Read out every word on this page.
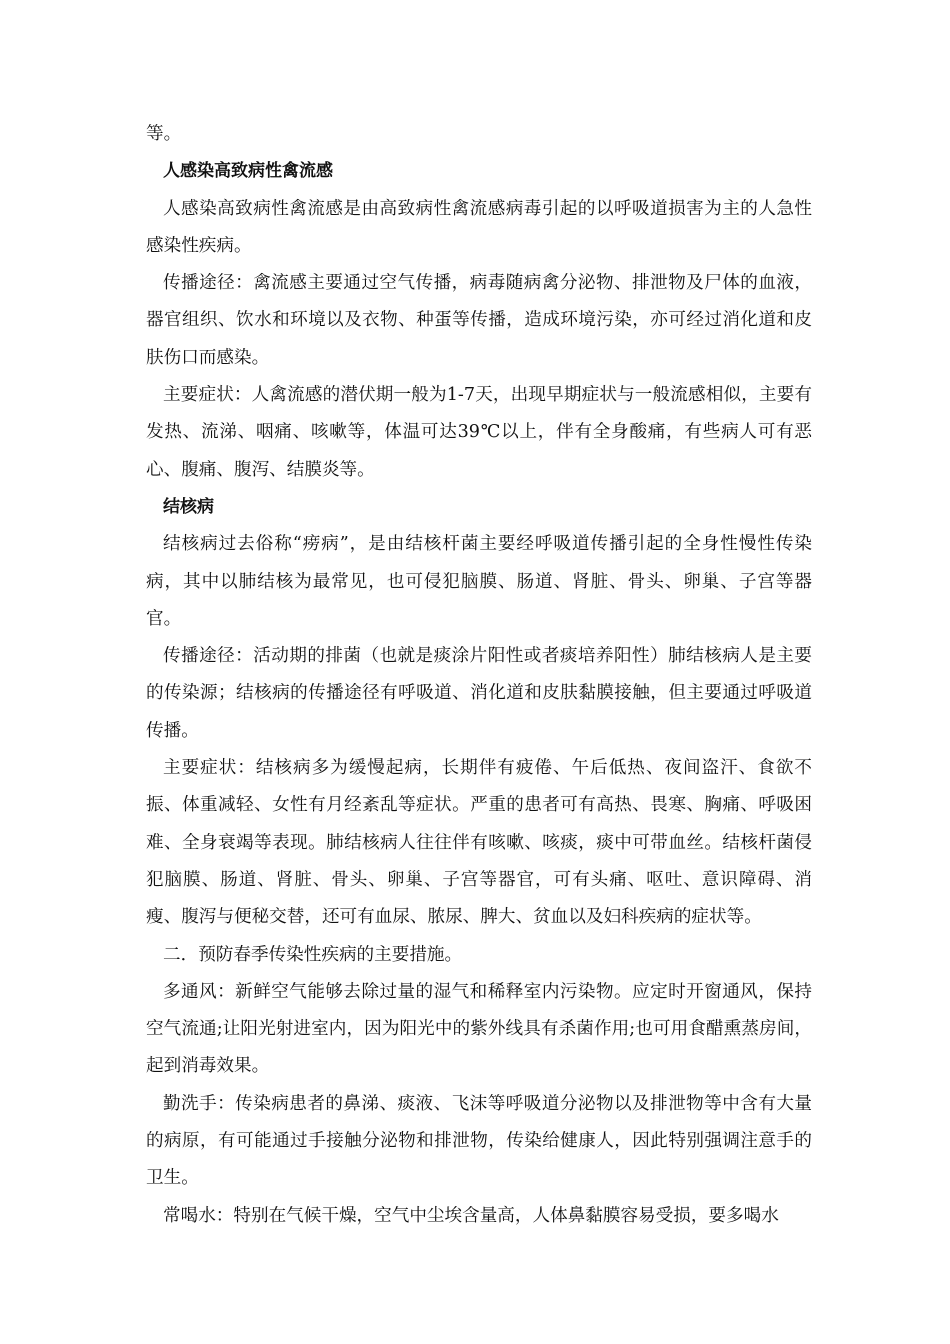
等。

人感染高致病性禽流感

人感染高致病性禽流感是由高致病性禽流感病毒引起的以呼吸道损害为主的人急性感染性疾病。

传播途径：禽流感主要通过空气传播，病毒随病禽分泌物、排泄物及尸体的血液，器官组织、饮水和环境以及衣物、种蛋等传播，造成环境污染，亦可经过消化道和皮肤伤口而感染。

主要症状：人禽流感的潜伏期一般为1-7天，出现早期症状与一般流感相似，主要有发热、流涕、咽痛、咳嗽等，体温可达39℃以上，伴有全身酸痛，有些病人可有恶心、腹痛、腹泻、结膜炎等。

结核病

结核病过去俗称“痨病”，是由结核杆菌主要经呼吸道传播引起的全身性慢性传染病，其中以肺结核为最常见，也可侵犯脑膜、肠道、肾脏、骨头、卵巢、子宫等器官。

传播途径：活动期的排菌（也就是痰涂片阳性或者痰培养阳性）肺结核病人是主要的传染源；结核病的传播途径有呼吸道、消化道和皮肤黏膜接触，但主要通过呼吸道传播。

主要症状：结核病多为缓慢起病，长期伴有疲倦、午后低热、夜间盗汗、食欲不振、体重减轻、女性有月经紊乱等症状。严重的患者可有高热、畏寒、胸痛、呼吸困难、全身衰竭等表现。肺结核病人往往伴有咳嗽、咳痰，痰中可带血丝。结核杆菌侵犯脑膜、肠道、肾脏、骨头、卵巢、子宫等器官，可有头痛、呕吐、意识障碍、消瘦、腹泻与便秘交替，还可有血尿、脓尿、脾大、贫血以及妇科疾病的症状等。

二．预防春季传染性疾病的主要措施。

多通风：新鲜空气能够去除过量的湿气和稀释室内污染物。应定时开窗通风，保持空气流通;让阳光射进室内，因为阳光中的紫外线具有杀菌作用;也可用食醋熏蒸房间，起到消毒效果。

勤洗手：传染病患者的鼻涕、痰液、飞沫等呼吸道分泌物以及排泄物等中含有大量的病原，有可能通过手接触分泌物和排泄物，传染给健康人，因此特别强调注意手的卫生。

常喝水：特别在气候干燥，空气中尘埃含量高，人体鼻黏膜容易受损，要多喝水
